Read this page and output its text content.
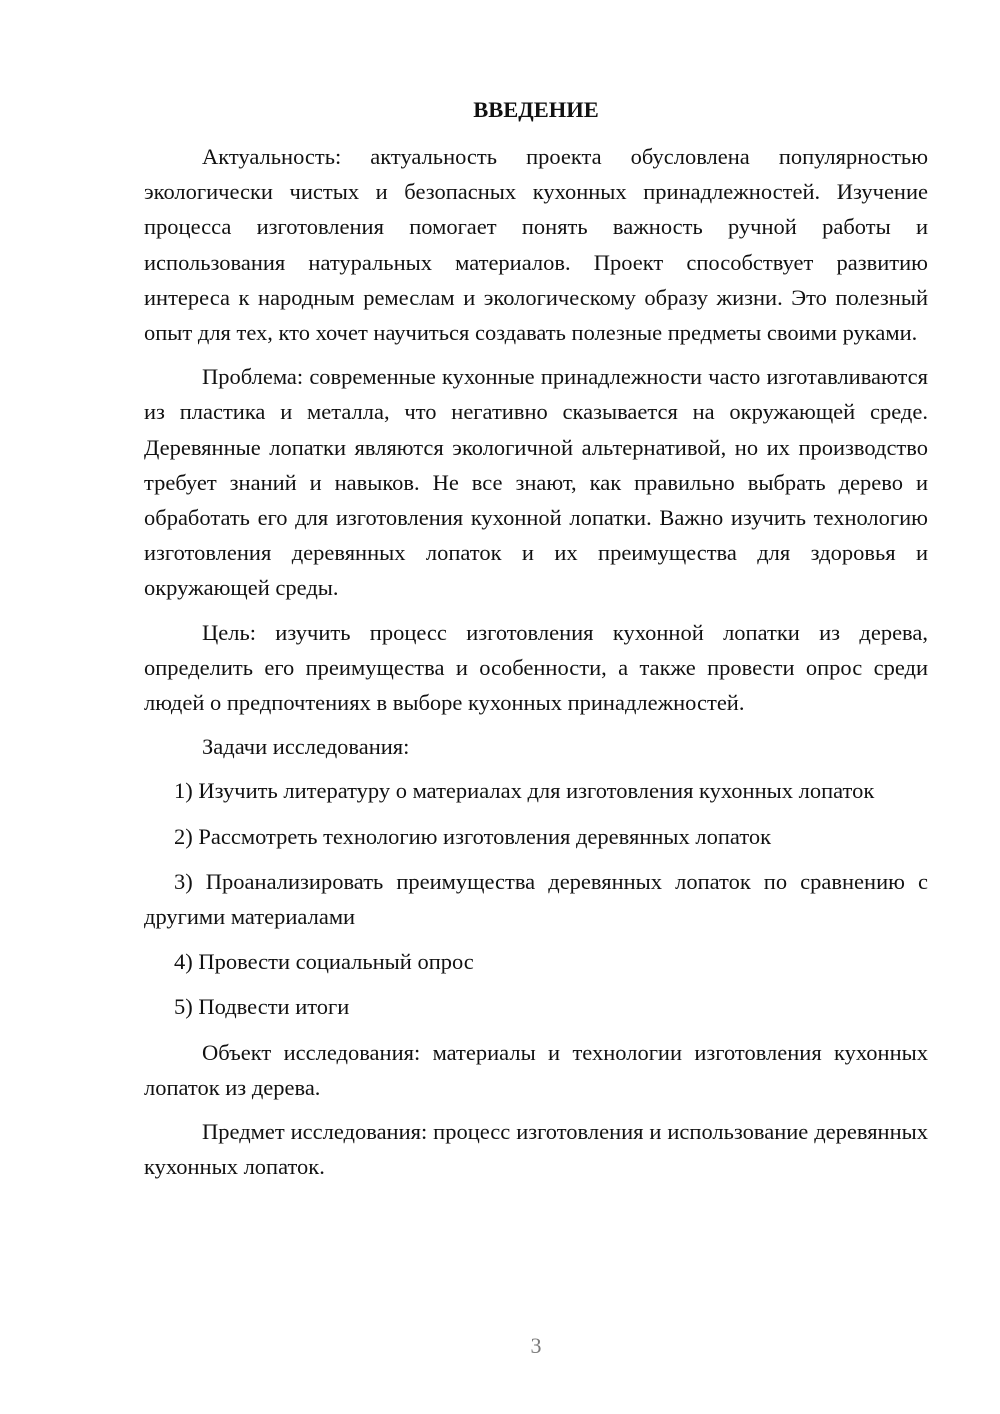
ВВЕДЕНИЕ

Актуальность: актуальность проекта обусловлена популярностью экологически чистых и безопасных кухонных принадлежностей. Изучение процесса изготовления помогает понять важность ручной работы и использования натуральных материалов. Проект способствует развитию интереса к народным ремеслам и экологическому образу жизни. Это полезный опыт для тех, кто хочет научиться создавать полезные предметы своими руками.

Проблема: современные кухонные принадлежности часто изготавливаются из пластика и металла, что негативно сказывается на окружающей среде. Деревянные лопатки являются экологичной альтернативой, но их производство требует знаний и навыков. Не все знают, как правильно выбрать дерево и обработать его для изготовления кухонной лопатки. Важно изучить технологию изготовления деревянных лопаток и их преимущества для здоровья и окружающей среды.

Цель: изучить процесс изготовления кухонной лопатки из дерева, определить его преимущества и особенности, а также провести опрос среди людей о предпочтениях в выборе кухонных принадлежностей.

Задачи исследования:

1) Изучить литературу о материалах для изготовления кухонных лопаток

2) Рассмотреть технологию изготовления деревянных лопаток

3) Проанализировать преимущества деревянных лопаток по сравнению с другими материалами

4) Провести социальный опрос

5) Подвести итоги

Объект исследования: материалы и технологии изготовления кухонных лопаток из дерева.

Предмет исследования: процесс изготовления и использование деревянных кухонных лопаток.

3
